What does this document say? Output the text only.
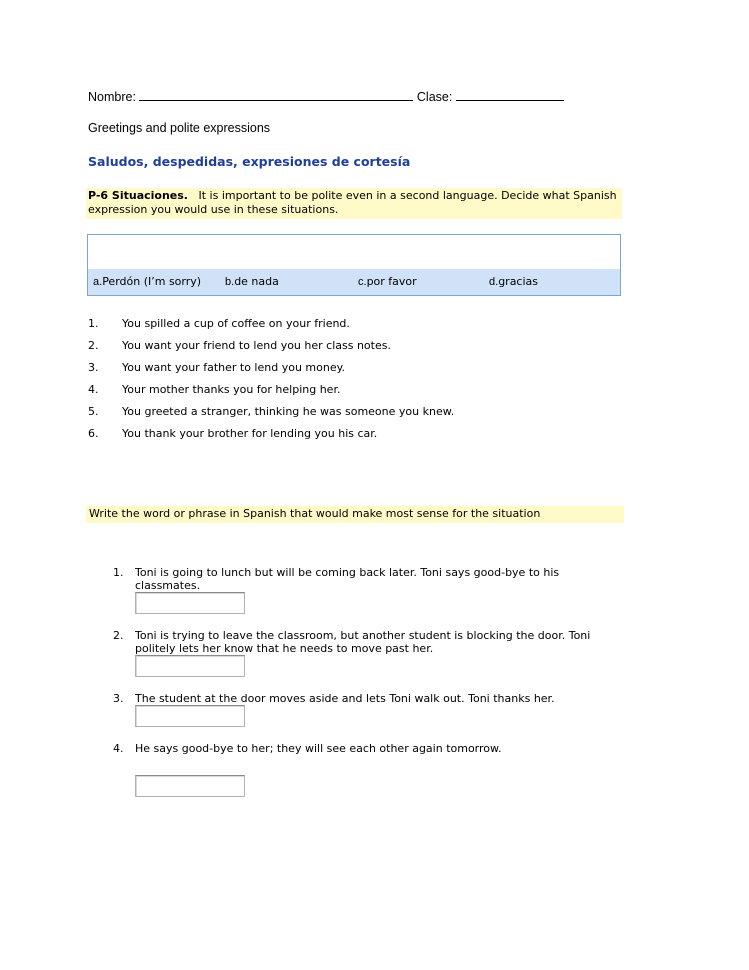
Nombre:	Clase:
Greetings and polite expressions
Saludos, despedidas, expresiones de cortesía
P-6 Situaciones. It is important to be polite even in a second language. Decide what Spanish expression you would use in these situations.
a.Perdón (I’m sorry) b.de nada	c.por favor	d.gracias
1. You spilled a cup of coffee on your friend.
2. You want your friend to lend you her class notes.
3. You want your father to lend you money.
4. Your mother thanks you for helping her.
5. You greeted a stranger, thinking he was someone you knew.
6. You thank your brother for lending you his car.
Write the word or phrase in Spanish that would make most sense for the situation
1. Toni is going to lunch but will be coming back later. Toni says good-bye to his classmates.
2. Toni is trying to leave the classroom, but another student is blocking the door. Toni politely lets her know that he needs to move past her.
3. The student at the door moves aside and lets Toni walk out. Toni thanks her.
4. He says good-bye to her; they will see each other again tomorrow.
